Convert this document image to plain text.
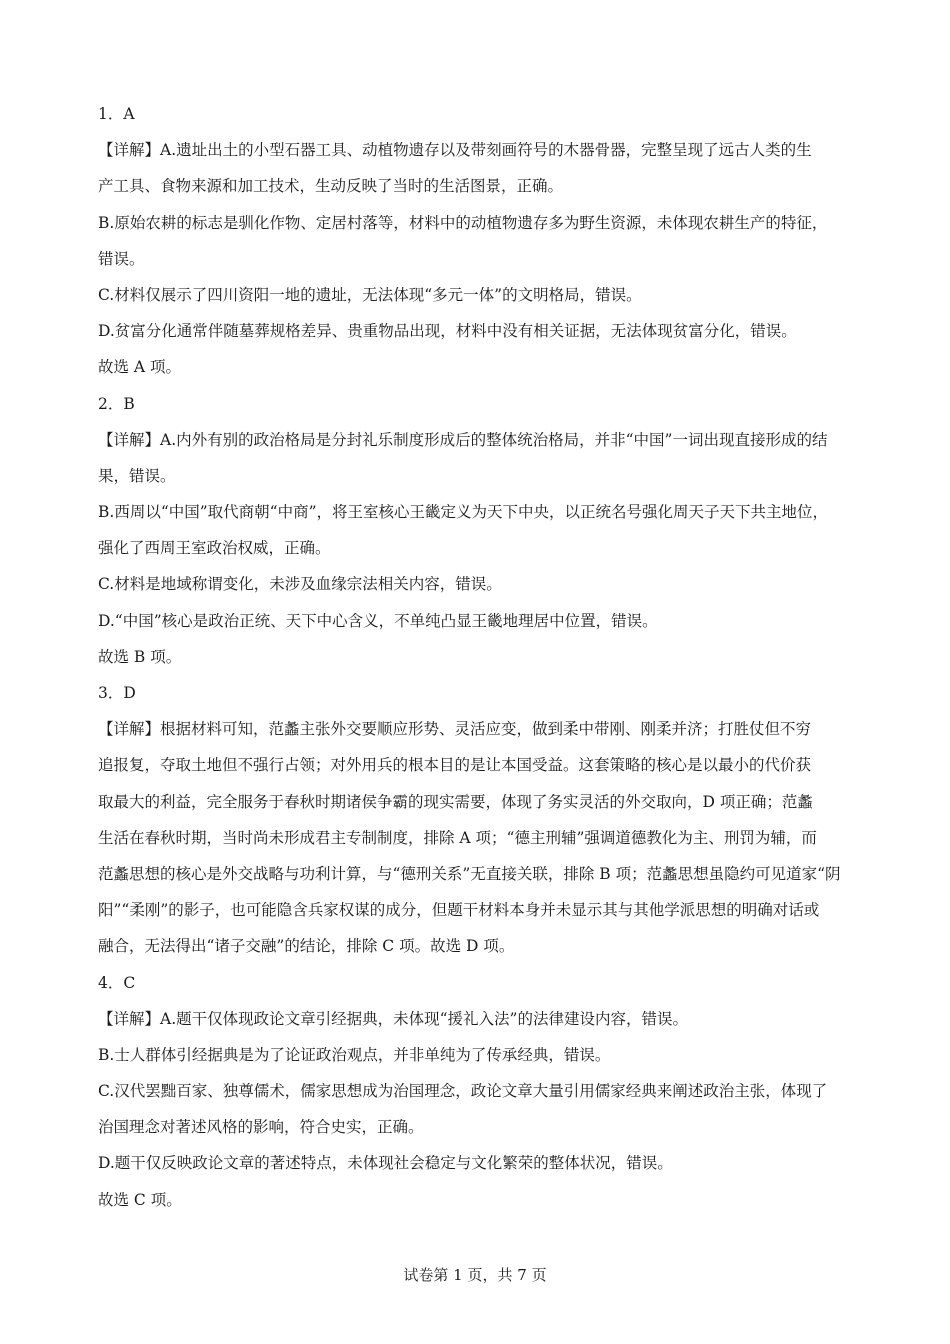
1．A
【详解】A.遗址出土的小型石器工具、动植物遗存以及带刻画符号的木器骨器，完整呈现了远古人类的生
产工具、食物来源和加工技术，生动反映了当时的生活图景，正确。
B.原始农耕的标志是驯化作物、定居村落等，材料中的动植物遗存多为野生资源，未体现农耕生产的特征，
错误。
C.材料仅展示了四川资阳一地的遗址，无法体现“多元一体”的文明格局，错误。
D.贫富分化通常伴随墓葬规格差异、贵重物品出现，材料中没有相关证据，无法体现贫富分化，错误。
故选 A 项。
2．B
【详解】A.内外有别的政治格局是分封礼乐制度形成后的整体统治格局，并非“中国”一词出现直接形成的结
果，错误。
B.西周以“中国”取代商朝“中商”，将王室核心王畿定义为天下中央，以正统名号强化周天子天下共主地位，
强化了西周王室政治权威，正确。
C.材料是地域称谓变化，未涉及血缘宗法相关内容，错误。
D.“中国”核心是政治正统、天下中心含义，不单纯凸显王畿地理居中位置，错误。
故选 B 项。
3．D
【详解】根据材料可知，范蠡主张外交要顺应形势、灵活应变，做到柔中带刚、刚柔并济；打胜仗但不穷
追报复，夺取土地但不强行占领；对外用兵的根本目的是让本国受益。这套策略的核心是以最小的代价获
取最大的利益，完全服务于春秋时期诸侯争霸的现实需要，体现了务实灵活的外交取向，D 项正确；范蠡
生活在春秋时期，当时尚未形成君主专制制度，排除 A 项；“德主刑辅”强调道德教化为主、刑罚为辅，而
范蠡思想的核心是外交战略与功利计算，与“德刑关系”无直接关联，排除 B 项；范蠡思想虽隐约可见道家“阴
阳”“柔刚”的影子，也可能隐含兵家权谋的成分，但题干材料本身并未显示其与其他学派思想的明确对话或
融合，无法得出“诸子交融”的结论，排除 C 项。故选 D 项。
4．C
【详解】A.题干仅体现政论文章引经据典，未体现“援礼入法”的法律建设内容，错误。
B.士人群体引经据典是为了论证政治观点，并非单纯为了传承经典，错误。
C.汉代罢黜百家、独尊儒术，儒家思想成为治国理念，政论文章大量引用儒家经典来阐述政治主张，体现了
治国理念对著述风格的影响，符合史实，正确。
D.题干仅反映政论文章的著述特点，未体现社会稳定与文化繁荣的整体状况，错误。
故选 C 项。
试卷第 1 页，共 7 页
